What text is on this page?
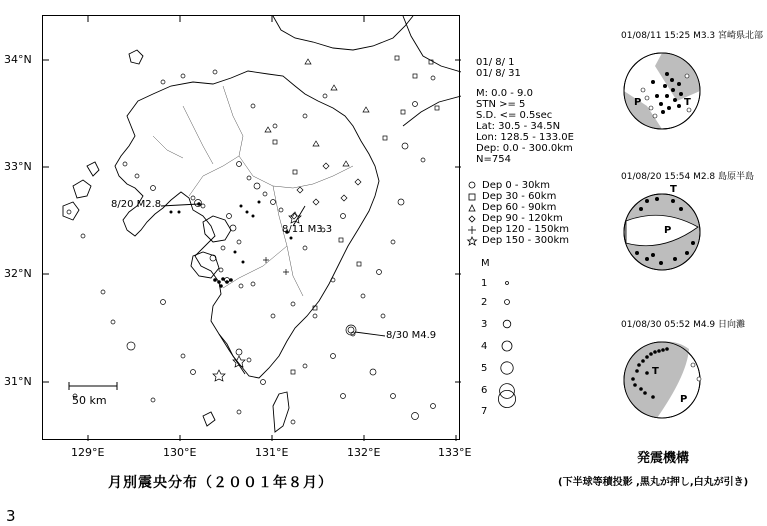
50 km
8/20 M2.8
8/11 M3.3
8/30 M4.9
34°N
33°N
32°N
31°N
129°E	130°E	131°E	132°E	133°E
01/ 8/ 1
01/ 8/ 31
M: 0.0 - 9.0
STN >= 5
S.D. <= 0.5sec
Lat: 30.5 - 34.5N
Lon: 128.5 - 133.0E
Dep: 0.0 - 300.0km
N=754
Dep 0 - 30km
Dep 30 - 60km
Dep 60 - 90km
Dep 90 - 120km
Dep 120 - 150km
Dep 150 - 300km
M
1
2
3
4
5
6
7
01/08/11 15:25 M3.3 宮崎県北部
P	T
01/08/20 15:54 M2.8 島原半島
T
P
01/08/30 05:52 M4.9 日向灘
T
P
発震機構
(下半球等積投影 ,黒丸が押し,白丸が引き)
月別震央分布（２００１年８月）
3
